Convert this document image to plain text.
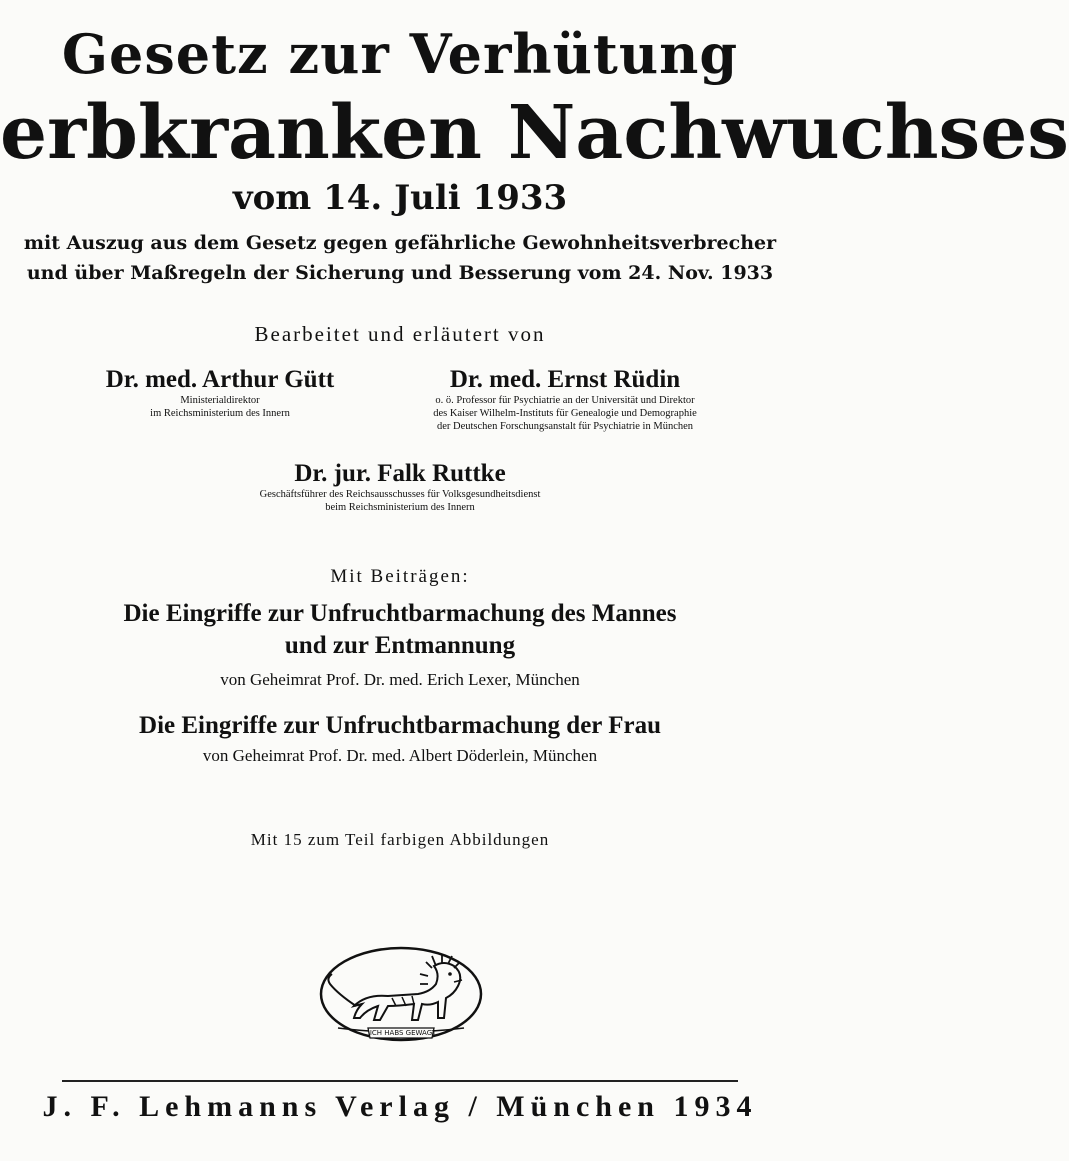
Gesetz zur Verhütung
erbkranken Nachwuchses
vom 14. Juli 1933
mit Auszug aus dem Gesetz gegen gefährliche Gewohnheitsverbrecher
und über Maßregeln der Sicherung und Besserung vom 24. Nov. 1933
Bearbeitet und erläutert von
Dr. med. Arthur Gütt
Ministerialdirektor
im Reichsministerium des Innern
Dr. med. Ernst Rüdin
o. ö. Professor für Psychiatrie an der Universität und Direktor
des Kaiser Wilhelm-Instituts für Genealogie und Demographie
der Deutschen Forschungsanstalt für Psychiatrie in München
Dr. jur. Falk Ruttke
Geschäftsführer des Reichsausschusses für Volksgesundheitsdienst
beim Reichsministerium des Innern
Mit Beiträgen:
Die Eingriffe zur Unfruchtbarmachung des Mannes
und zur Entmannung
von Geheimrat Prof. Dr. med. Erich Lexer, München
Die Eingriffe zur Unfruchtbarmachung der Frau
von Geheimrat Prof. Dr. med. Albert Döderlein, München
Mit 15 zum Teil farbigen Abbildungen
ICH HABS GEWAGT
J. F. Lehmanns Verlag / München 1934
